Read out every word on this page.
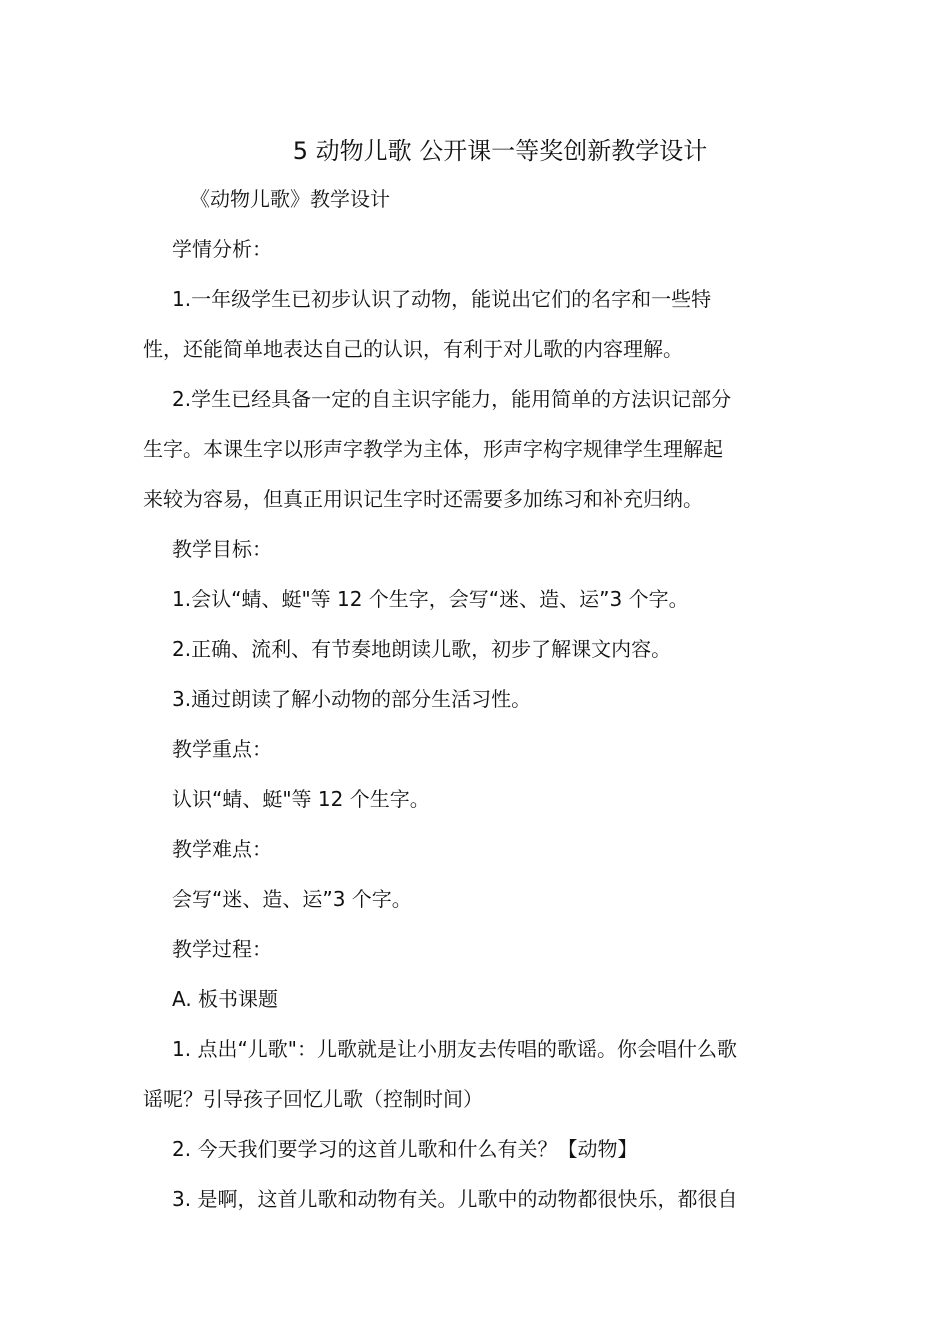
5 动物儿歌 公开课一等奖创新教学设计
《动物儿歌》教学设计
学情分析：
1.一年级学生已初步认识了动物，能说出它们的名字和一些特
性，还能简单地表达自己的认识，有利于对儿歌的内容理解。
2.学生已经具备一定的自主识字能力，能用简单的方法识记部分
生字。本课生字以形声字教学为主体，形声字构字规律学生理解起
来较为容易，但真正用识记生字时还需要多加练习和补充归纳。
教学目标：
1.会认“蜻、蜓"等 12 个生字，会写“迷、造、运”3 个字。
2.正确、流利、有节奏地朗读儿歌，初步了解课文内容。
3.通过朗读了解小动物的部分生活习性。
教学重点：
认识“蜻、蜓"等 12 个生字。
教学难点：
会写“迷、造、运”3 个字。
教学过程：
A. 板书课题
1. 点出“儿歌"：儿歌就是让小朋友去传唱的歌谣。你会唱什么歌
谣呢？引导孩子回忆儿歌（控制时间）
2. 今天我们要学习的这首儿歌和什么有关？【动物】
3. 是啊，这首儿歌和动物有关。儿歌中的动物都很快乐，都很自
